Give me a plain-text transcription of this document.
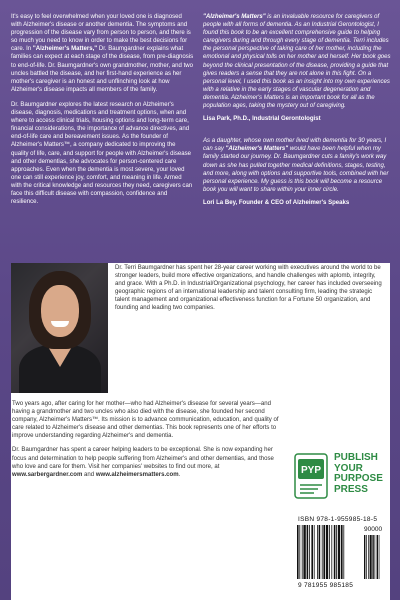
It's easy to feel overwhelmed when your loved one is diagnosed with Alzheimer's disease or another dementia. The symptoms and progression of the disease vary from person to person, and there is so much you need to know in order to make the best decisions for care. In "Alzheimer's Matters," Dr. Baumgardner explains what families can expect at each stage of the disease, from pre-diagnosis to end-of-life. Dr. Baumgardner's own grandmother, mother, and two uncles battled the disease, and her first-hand experience as her mother's caregiver is an honest and unflinching look at how Alzheimer's disease impacts all members of the family.

Dr. Baumgardner explores the latest research on Alzheimer's disease, diagnosis, medications and treatment options, when and where to access clinical trials, housing options and long-term care, financial considerations, the importance of advance directives, and end-of-life care and bereavement issues. As the founder of Alzheimer's Matters™, a company dedicated to improving the quality of life, care, and support for people with Alzheimer's disease and other dementias, she advocates for person-centered care approaches. Even when the dementia is most severe, your loved one can still experience joy, comfort, and meaning in life. Armed with the critical knowledge and resources they need, caregivers can face this difficult disease with compassion, confidence and resilience.

"Alzheimer's Matters" is an invaluable resource for caregivers of people with all forms of dementia. As an Industrial Gerontologist, I found this book to be an excellent comprehensive guide to helping caregivers during and through every stage of dementia. Terri includes the personal perspective of taking care of her mother, including the emotional and physical tolls on her mother and herself. Her book goes beyond the clinical presentation of the disease, providing a guide that gives readers a sense that they are not alone in this fight. On a personal level, I used this book as an insight into my own experiences with a relative in the early stages of vascular degeneration and dementia. Alzheimer's Matters is an important book for all as the population ages, taking the mystery out of caregiving.
Lisa Park, Ph.D., Industrial Gerontologist
As a daughter, whose own mother lived with dementia for 30 years, I can say "Alzheimer's Matters" would have been helpful when my family started our journey. Dr. Baumgardner cuts a family's work way down as she has pulled together medical definitions, stages, testing, and more, along with options and supportive tools, combined with her personal experience. My guess is this book will become a resource book you will want to share within your inner circle.
Lori La Bey, Founder & CEO of Alzheimer's Speaks
Dr. Terri Baumgardner has spent her 28-year career working with executives around the world to be stronger leaders, build more effective organizations, and handle challenges with aplomb, integrity, and grace. With a Ph.D. in Industrial/Organizational psychology, her career has included overseeing geographic regions of an international leadership and talent consulting firm, leading the strategic talent management and organizational effectiveness function for a Fortune 50 organization, and founding and leading two companies.

Two years ago, after caring for her mother—who had Alzheimer's disease for several years—and having a grandmother and two uncles who also died with the disease, she founded her second company, Alzheimer's Matters™. Its mission is to advance communication, education, and quality of care related to Alzheimer's disease and other dementias. This book represents one of her efforts to improve understanding regarding Alzheimer's and dementia.

Dr. Baumgardner has spent a career helping leaders to be exceptional. She is now expanding her focus and determination to help people suffering from Alzheimer's and other dementias, and those who love and care for them. Visit her companies' websites to find out more, at www.sarbergardner.com and www.alzheimersmatters.com.	PYP
PUBLISH
YOUR
PURPOSE
PRESS
ISBN 978-1-955985-18-5
90000
9 781955 985185
